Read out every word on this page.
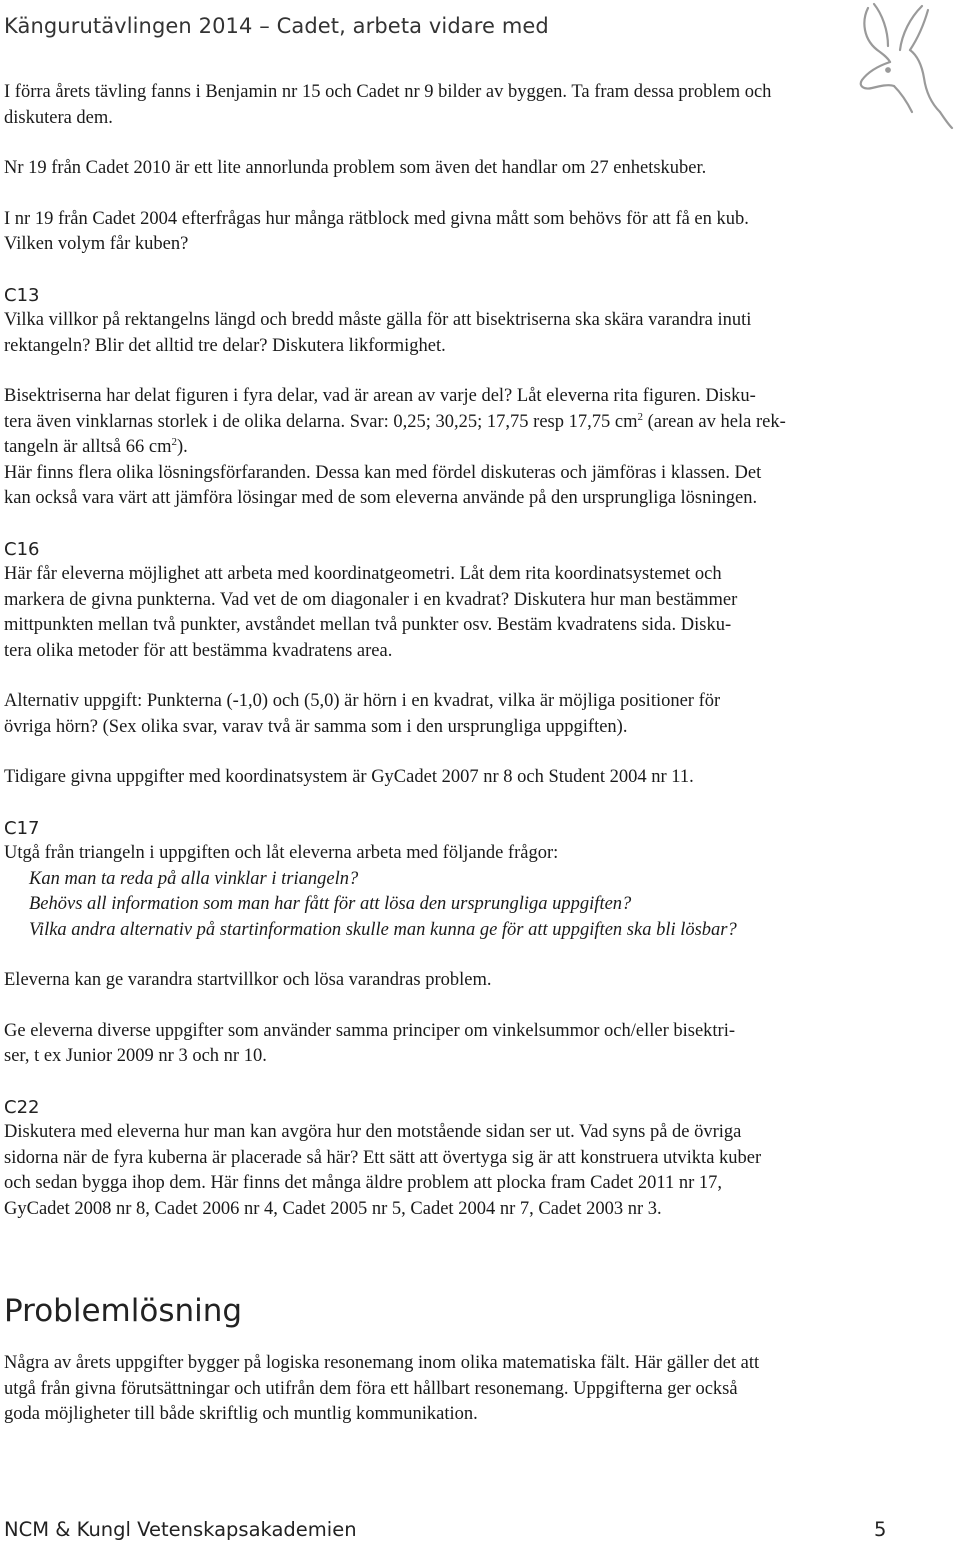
Kängurutävlingen 2014 – Cadet, arbeta vidare med

I förra årets tävling fanns i Benjamin nr 15 och Cadet nr 9 bilder av byggen. Ta fram dessa problem och
diskutera dem.

Nr 19 från Cadet 2010 är ett lite annorlunda problem som även det handlar om 27 enhetskuber.

I nr 19 från Cadet 2004 efterfrågas hur många rätblock med givna mått som behövs för att få en kub.
Vilken volym får kuben?

C13

Vilka villkor på rektangelns längd och bredd måste gälla för att bisektriserna ska skära varandra inuti
rektangeln? Blir det alltid tre delar? Diskutera likformighet.

Bisektriserna har delat figuren i fyra delar, vad är arean av varje del? Låt eleverna rita figuren. Disku-
tera även vinklarnas storlek i de olika delarna. Svar: 0,25; 30,25; 17,75 resp 17,75 $cm^2$ (arean av hela rek-
tangeln är alltså 66 $cm^2$).
Här finns flera olika lösningsförfaranden. Dessa kan med fördel diskuteras och jämföras i klassen. Det
kan också vara värt att jämföra lösingar med de som eleverna använde på den ursprungliga lösningen.

C16

Här får eleverna möjlighet att arbeta med koordinatgeometri. Låt dem rita koordinatsystemet och
markera de givna punkterna. Vad vet de om diagonaler i en kvadrat? Diskutera hur man bestämmer
mittpunkten mellan två punkter, avståndet mellan två punkter osv. Bestäm kvadratens sida. Disku-
tera olika metoder för att bestämma kvadratens area.

Alternativ uppgift: Punkterna (-1,0) och (5,0) är hörn i en kvadrat, vilka är möjliga positioner för
övriga hörn? (Sex olika svar, varav två är samma som i den ursprungliga uppgiften).

Tidigare givna uppgifter med koordinatsystem är GyCadet 2007 nr 8 och Student 2004 nr 11.

C17

Utgå från triangeln i uppgiften och låt eleverna arbeta med följande frågor:

Kan man ta reda på alla vinklar i triangeln?

Behövs all information som man har fått för att lösa den ursprungliga uppgiften?

Vilka andra alternativ på startinformation skulle man kunna ge för att uppgiften ska bli lösbar?

Eleverna kan ge varandra startvillkor och lösa varandras problem.

Ge eleverna diverse uppgifter som använder samma principer om vinkelsummor och/eller bisektri-
ser, t ex Junior 2009 nr 3 och nr 10.

C22

Diskutera med eleverna hur man kan avgöra hur den motstående sidan ser ut. Vad syns på de övriga
sidorna när de fyra kuberna är placerade så här? Ett sätt att övertyga sig är att konstruera utvikta kuber
och sedan bygga ihop dem. Här finns det många äldre problem att plocka fram Cadet 2011 nr 17,
GyCadet 2008 nr 8, Cadet 2006 nr 4, Cadet 2005 nr 5, Cadet 2004 nr 7, Cadet 2003 nr 3.

Problemlösning

Några av årets uppgifter bygger på logiska resonemang inom olika matematiska fält. Här gäller det att
utgå från givna förutsättningar och utifrån dem föra ett hållbart resonemang. Uppgifterna ger också
goda möjligheter till både skriftlig och muntlig kommunikation.

NCM & Kungl Vetenskapsakademien	5
